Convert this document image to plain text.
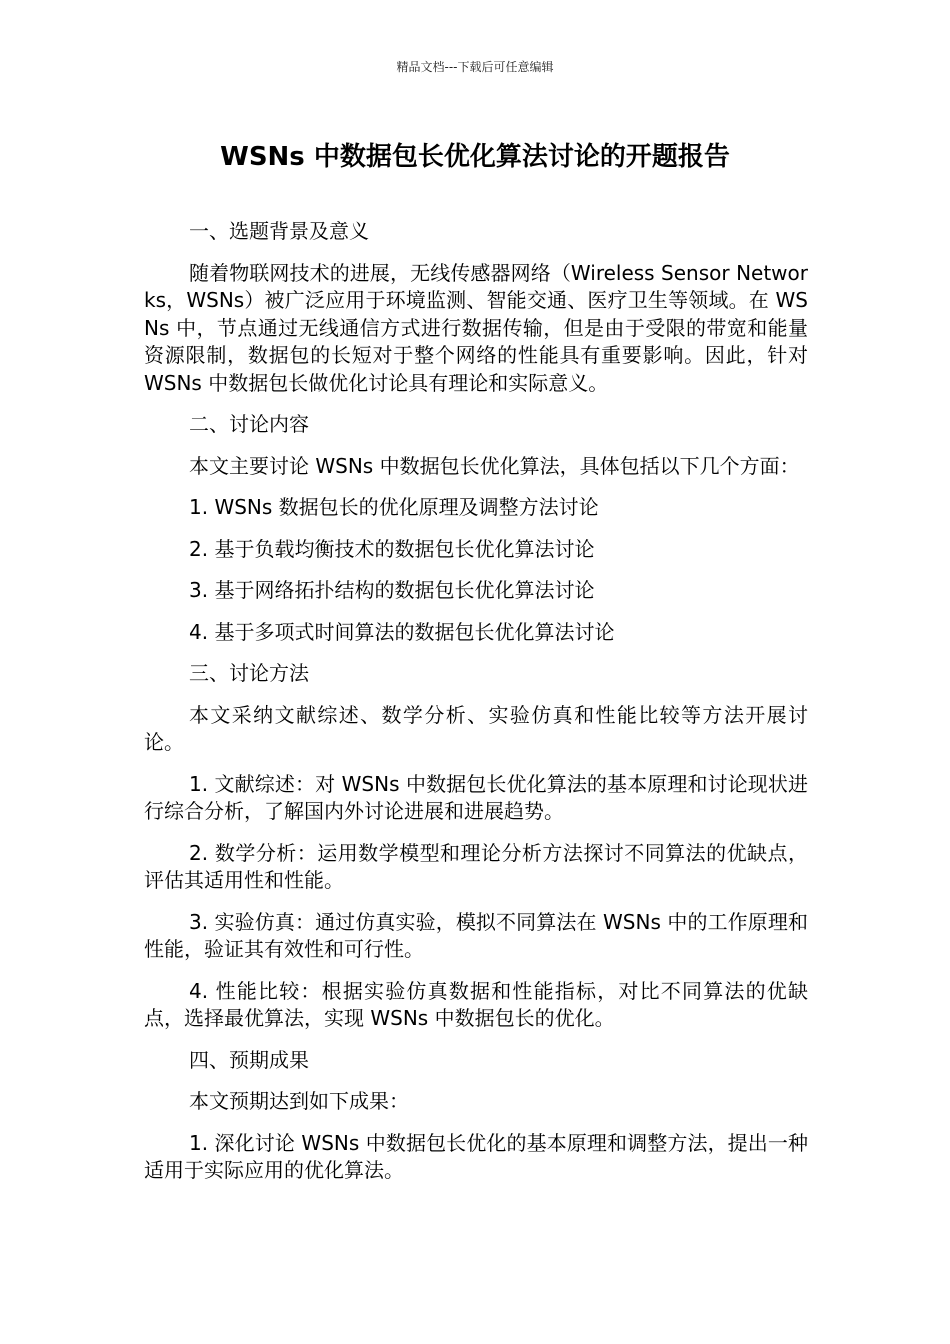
精品文档---下载后可任意编辑
WSNs 中数据包长优化算法讨论的开题报告

一、选题背景及意义

随着物联网技术的进展，无线传感器网络（Wireless Sensor Networks，WSNs）被广泛应用于环境监测、智能交通、医疗卫生等领域。在 WSNs 中，节点通过无线通信方式进行数据传输，但是由于受限的带宽和能量资源限制，数据包的长短对于整个网络的性能具有重要影响。因此，针对 WSNs 中数据包长做优化讨论具有理论和实际意义。

二、讨论内容

本文主要讨论 WSNs 中数据包长优化算法，具体包括以下几个方面：

1. WSNs 数据包长的优化原理及调整方法讨论

2. 基于负载均衡技术的数据包长优化算法讨论

3. 基于网络拓扑结构的数据包长优化算法讨论

4. 基于多项式时间算法的数据包长优化算法讨论

三、讨论方法

本文采纳文献综述、数学分析、实验仿真和性能比较等方法开展讨论。

1. 文献综述：对 WSNs 中数据包长优化算法的基本原理和讨论现状进行综合分析，了解国内外讨论进展和进展趋势。

2. 数学分析：运用数学模型和理论分析方法探讨不同算法的优缺点，评估其适用性和性能。

3. 实验仿真：通过仿真实验，模拟不同算法在 WSNs 中的工作原理和性能，验证其有效性和可行性。

4. 性能比较：根据实验仿真数据和性能指标，对比不同算法的优缺点，选择最优算法，实现 WSNs 中数据包长的优化。

四、预期成果

本文预期达到如下成果：

1. 深化讨论 WSNs 中数据包长优化的基本原理和调整方法，提出一种适用于实际应用的优化算法。
